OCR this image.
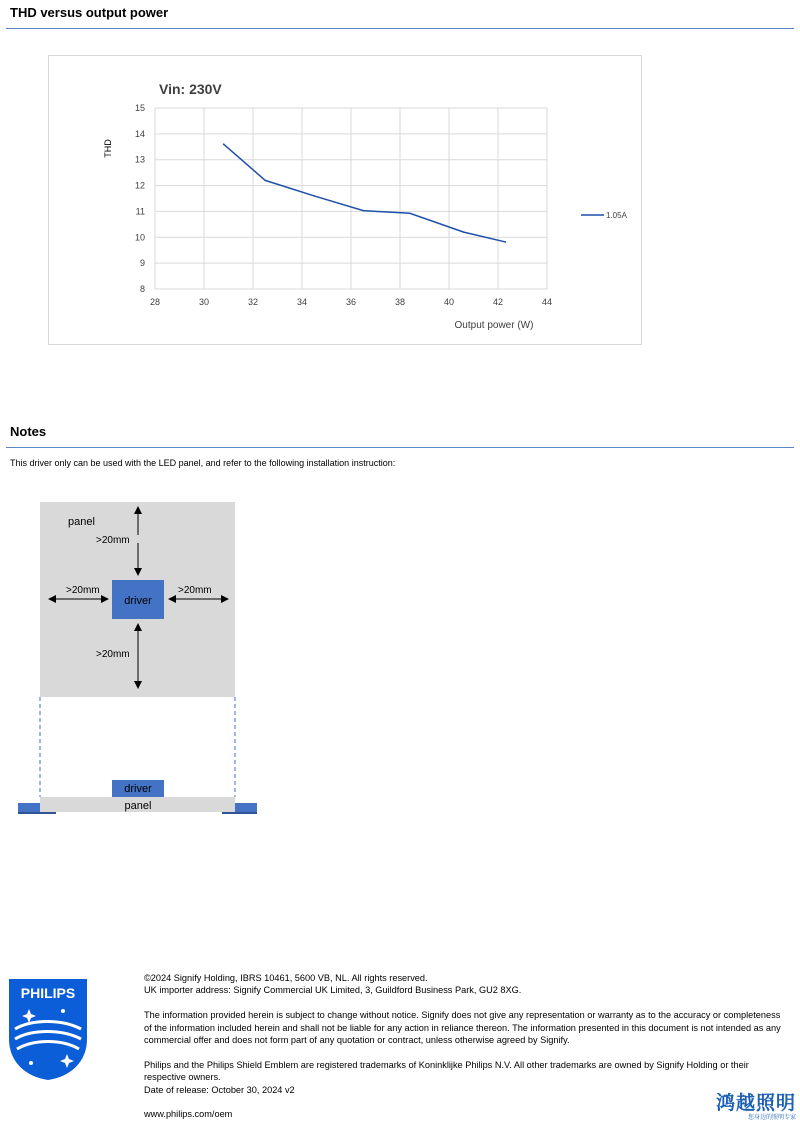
THD versus output power
Vin: 230V
28	30	32	34	36	38	40	42	44
8
9
10
11
12
13
14
15
THD
Output power (W)
1.05A
Notes
This driver only can be used with the LED panel, and refer to the following installation instruction:
panel
driver
>20mm
>20mm	>20mm
>20mm
driver
panel
PHILIPS

©2024 Signify Holding, IBRS 10461, 5600 VB, NL. All rights reserved.

UK importer address: Signify Commercial UK Limited, 3, Guildford Business Park, GU2 8XG.

The information provided herein is subject to change without notice. Signify does not give any representation or warranty as to the accuracy or completeness of the information included herein and shall not be liable for any action in reliance thereon. The information presented in this document is not intended as any commercial offer and does not form part of any quotation or contract, unless otherwise agreed by Signify.

Philips and the Philips Shield Emblem are registered trademarks of Koninklijke Philips N.V. All other trademarks are owned by Signify Holding or their respective owners.

Date of release: October 30, 2024 v2

www.philips.com/oem

鸿越照明
您身边的照明专家
